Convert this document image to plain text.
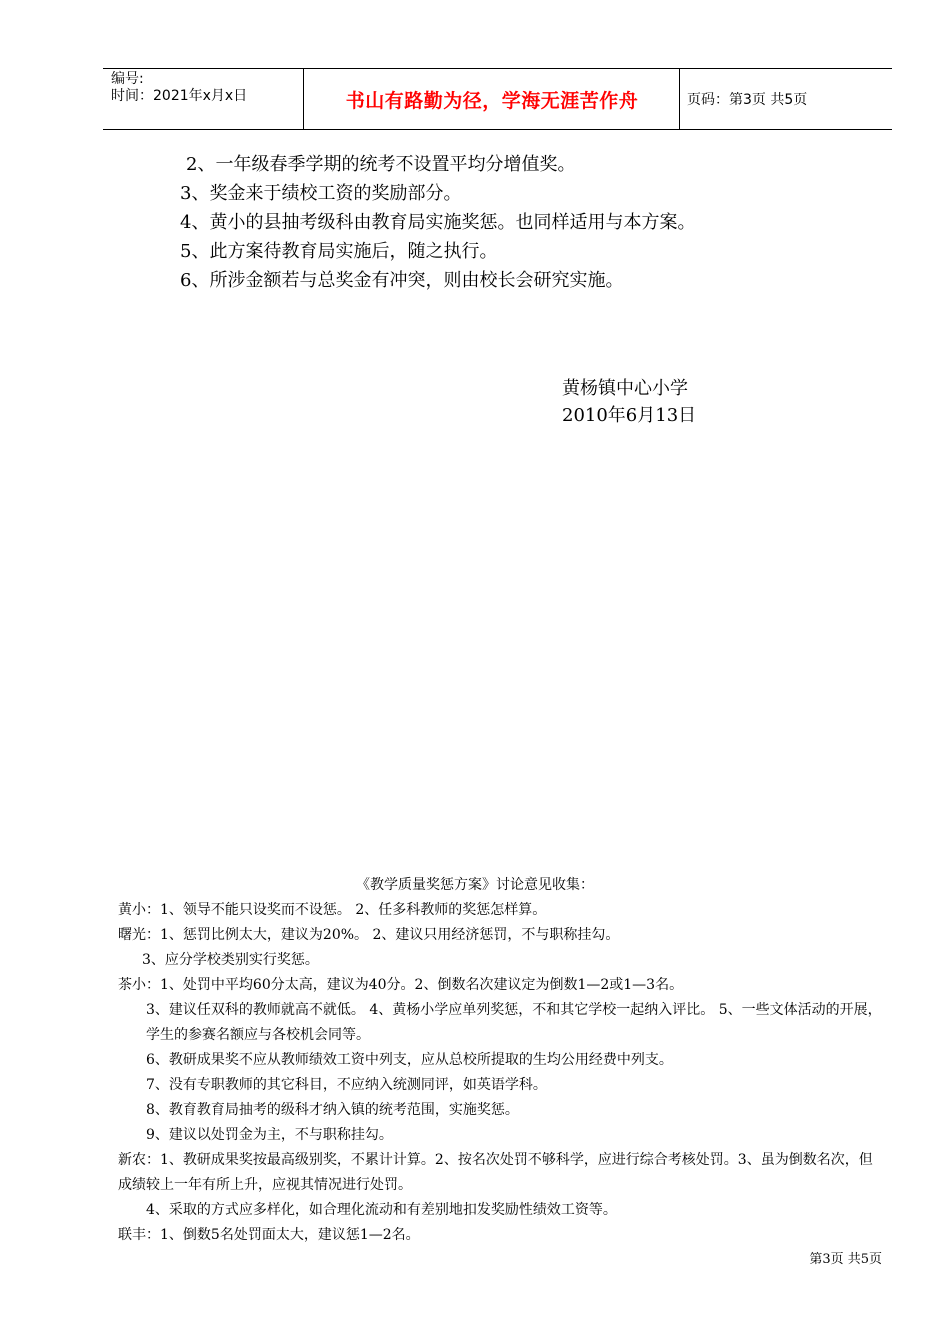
编号:
时间：2021年x月x日	书山有路勤为径，学海无涯苦作舟	页码：第3页 共5页
2、一年级春季学期的统考不设置平均分增值奖。
3、奖金来于绩校工资的奖励部分。
4、黄小的县抽考级科由教育局实施奖惩。也同样适用与本方案。
5、此方案待教育局实施后，随之执行。
6、所涉金额若与总奖金有冲突，则由校长会研究实施。
黄杨镇中心小学
2010年6月13日
《教学质量奖惩方案》讨论意见收集：
黄小：1、领导不能只设奖而不设惩。 2、任多科教师的奖惩怎样算。
曙光：1、惩罚比例太大，建议为20%。 2、建议只用经济惩罚，不与职称挂勾。
3、应分学校类别实行奖惩。
茶小：1、处罚中平均60分太高，建议为40分。2、倒数名次建议定为倒数1—2或1—3名。
3、建议任双科的教师就高不就低。 4、黄杨小学应单列奖惩，不和其它学校一起纳入评比。 5、一些文体活动的开展，学生的参赛名额应与各校机会同等。
6、教研成果奖不应从教师绩效工资中列支，应从总校所提取的生均公用经费中列支。
7、没有专职教师的其它科目，不应纳入统测同评，如英语学科。
8、教育教育局抽考的级科才纳入镇的统考范围，实施奖惩。
9、建议以处罚金为主，不与职称挂勾。
新农：1、教研成果奖按最高级别奖，不累计计算。2、按名次处罚不够科学，应进行综合考核处罚。3、虽为倒数名次，但成绩较上一年有所上升，应视其情况进行处罚。
4、采取的方式应多样化，如合理化流动和有差别地扣发奖励性绩效工资等。
联丰：1、倒数5名处罚面太大，建议惩1—2名。
第3页 共5页
